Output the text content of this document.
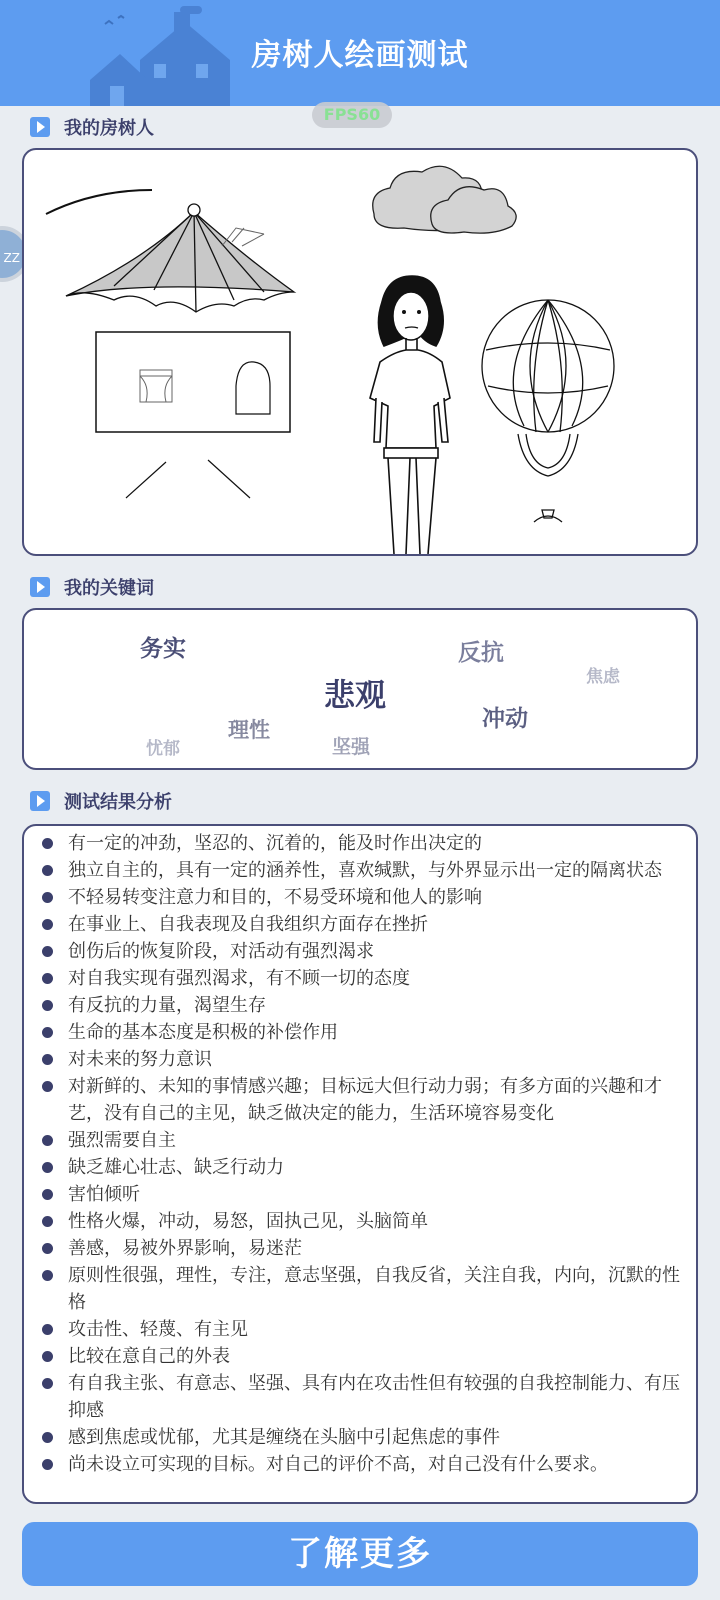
房树人绘画测试
FPS60
ZZ
我的房树人
我的关键词
务实	反抗
焦虑
悲观
冲动
理性
忧郁	坚强
测试结果分析
有一定的冲劲，坚忍的、沉着的，能及时作出决定的
独立自主的，具有一定的涵养性，喜欢缄默，与外界显示出一定的隔离状态
不轻易转变注意力和目的，不易受环境和他人的影响
在事业上、自我表现及自我组织方面存在挫折
创伤后的恢复阶段，对活动有强烈渴求
对自我实现有强烈渴求，有不顾一切的态度
有反抗的力量，渴望生存
生命的基本态度是积极的补偿作用
对未来的努力意识
对新鲜的、未知的事情感兴趣；目标远大但行动力弱；有多方面的兴趣和才艺，没有自己的主见，缺乏做决定的能力，生活环境容易变化
强烈需要自主
缺乏雄心壮志、缺乏行动力
害怕倾听
性格火爆，冲动，易怒，固执己见，头脑简单
善感，易被外界影响，易迷茫
原则性很强，理性，专注，意志坚强，自我反省，关注自我，内向，沉默的性格
攻击性、轻蔑、有主见
比较在意自己的外表
有自我主张、有意志、坚强、具有内在攻击性但有较强的自我控制能力、有压抑感
感到焦虑或忧郁，尤其是缠绕在头脑中引起焦虑的事件
尚未设立可实现的目标。对自己的评价不高，对自己没有什么要求。
了解更多
